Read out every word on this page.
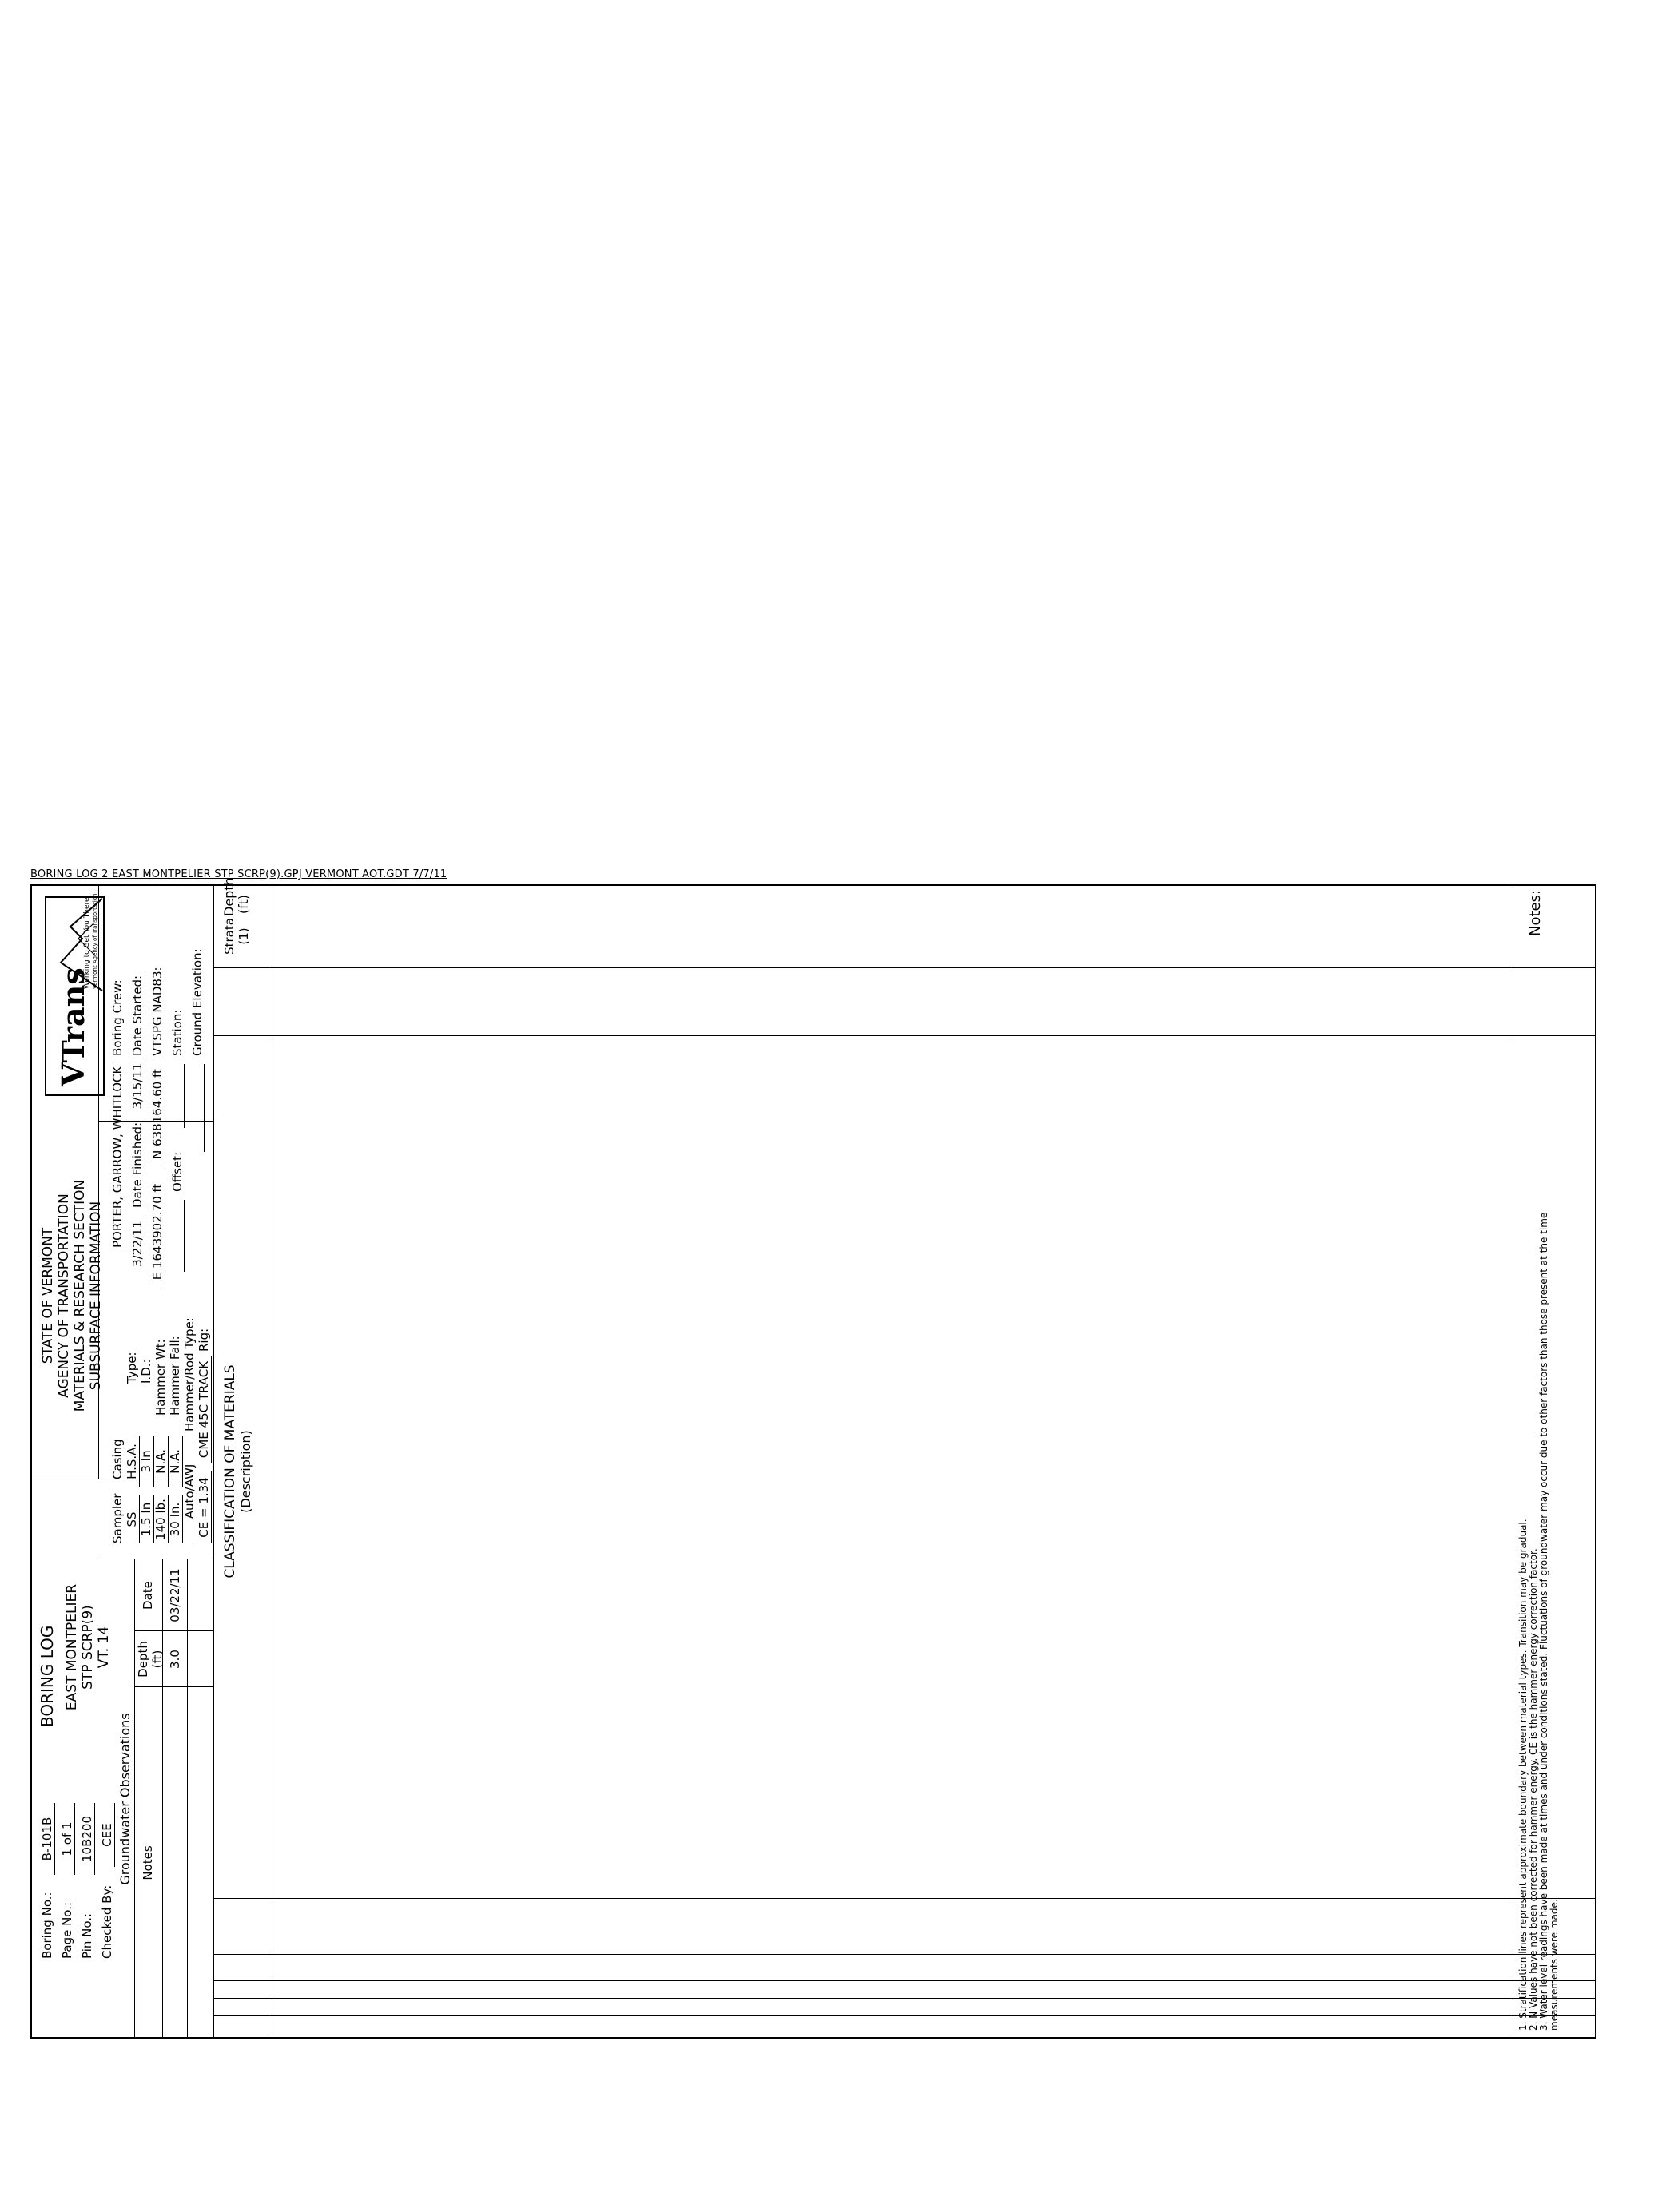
BORING LOG 2 EAST MONTPELIER STP SCRP(9).GPJ VERMONT AOT.GDT 7/7/11
VTrans
Working to Get You There Vermont Agency of Transportation
STATE OF VERMONT AGENCY OF TRANSPORTATION MATERIALS & RESEARCH SECTION SUBSURFACE INFORMATION
BORING LOG EAST MONTPELIER STP SCRP(9) VT. 14
Boring No.:
B-101B
Page No.:
1 of 1
Pin No.:
10B200
Checked By:
CEE
Boring Crew:
PORTER, GARROW, WHITLOCK
Date Started:
3/15/11
Date Finished:
3/22/11
VTSPG NAD83:
N 638164.60 ft
E 1643902.70 ft
Station:
Offset:
Ground Elevation:
Casing
Sampler
Type:
H.S.A.
SS
I.D.:
3 In
1.5 In
Hammer Wt:
N.A.
140 lb.
Hammer Fall:
N.A.
30 In.
Hammer/Rod Type:
Auto/AWJ
Rig:
CME 45C TRACK
CE = 1.34
Groundwater Observations
Date
Depth (ft)
Notes
03/22/11
3.0
Depth (ft)
Strata (1)
CLASSIFICATION OF MATERIALS (Description)
Notes:
1. Stratification lines represent approximate boundary between material types. Transition may be gradual. 2. N Values have not been corrected for hammer energy. CE is the hammer energy correction factor. 3. Water level readings have been made at times and under conditions stated. Fluctuations of groundwater may occur due to other factors than those present at the time measurements were made.
